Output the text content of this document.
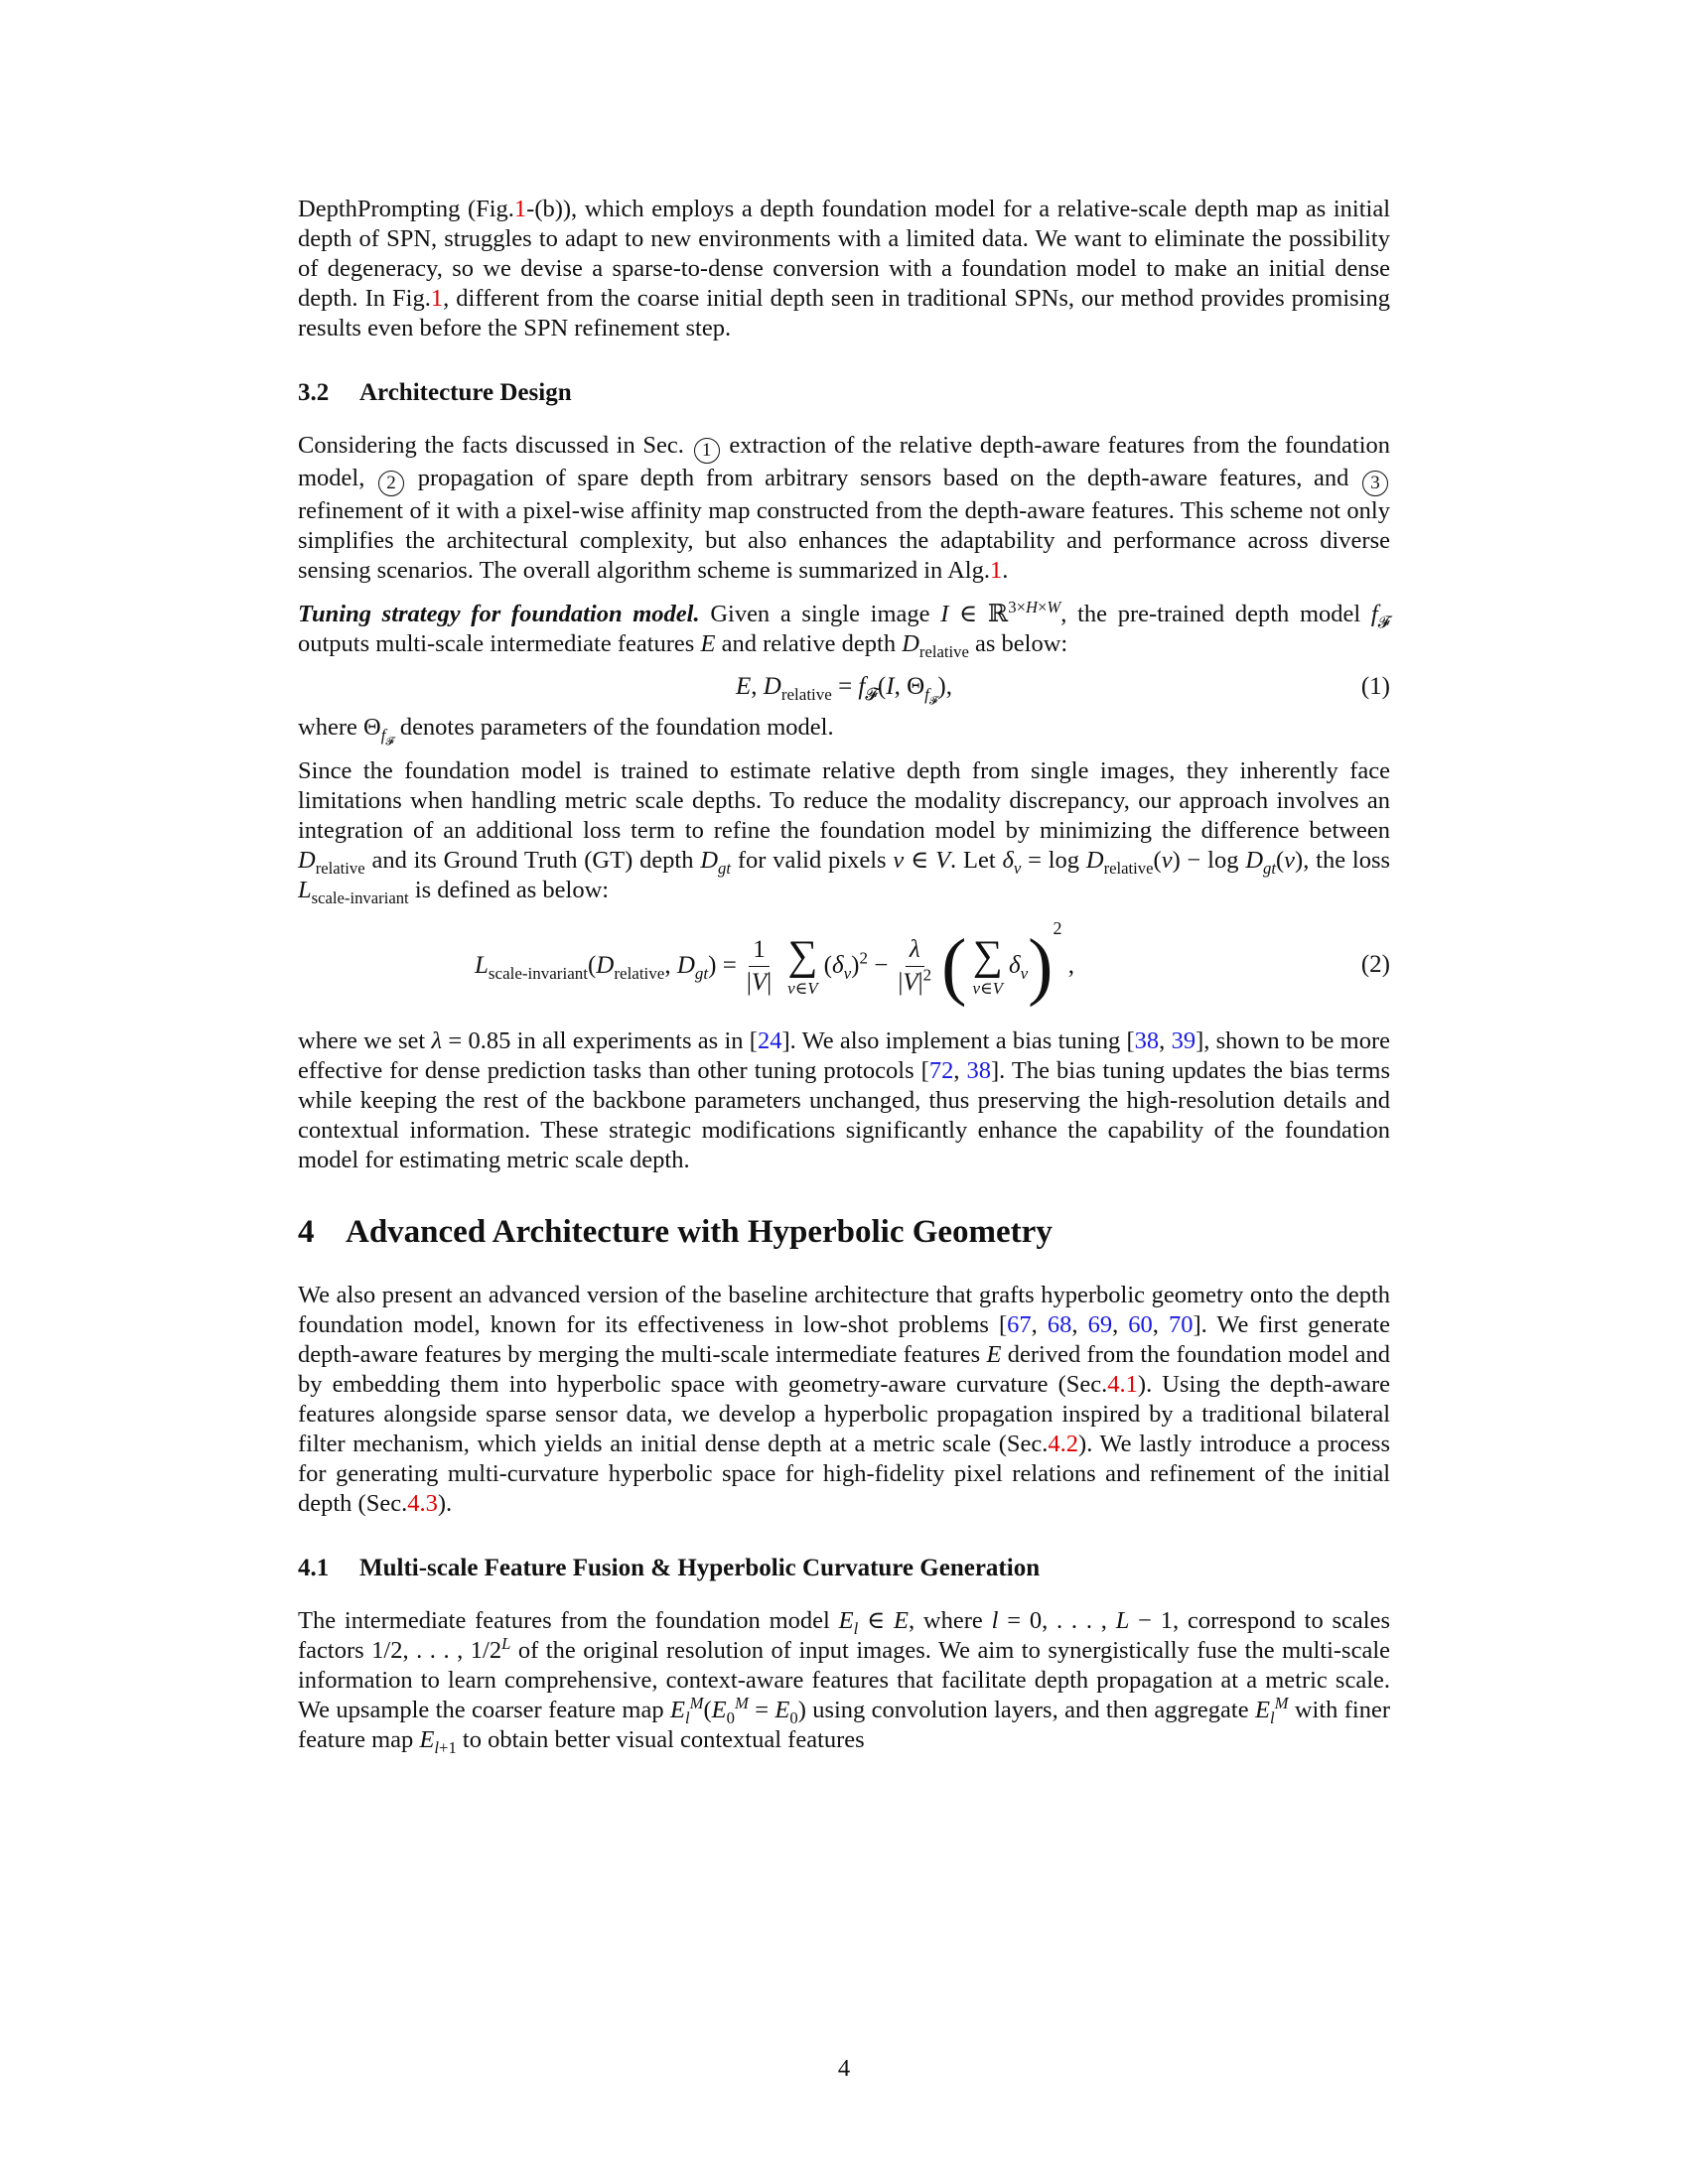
DepthPrompting (Fig.1-(b)), which employs a depth foundation model for a relative-scale depth map as initial depth of SPN, struggles to adapt to new environments with a limited data. We want to eliminate the possibility of degeneracy, so we devise a sparse-to-dense conversion with a foundation model to make an initial dense depth. In Fig.1, different from the coarse initial depth seen in traditional SPNs, our method provides promising results even before the SPN refinement step.

3.2 Architecture Design

Considering the facts discussed in Sec. 1 extraction of the relative depth-aware features from the foundation model, 2 propagation of spare depth from arbitrary sensors based on the depth-aware features, and 3 refinement of it with a pixel-wise affinity map constructed from the depth-aware features. This scheme not only simplifies the architectural complexity, but also enhances the adaptability and performance across diverse sensing scenarios. The overall algorithm scheme is summarized in Alg.1.

Tuning strategy for foundation model. Given a single image I ∈ ℝ$^{3\times H\times W}$, the pre-trained depth model $f_𝓕$ outputs multi-scale intermediate features E and relative depth $D_{relative}$ as below:

E, $D_{relative} = f_𝓕(I$, $\Theta_{f_𝓕}$),	(1)

where $\Theta_{f_𝓕}$ denotes parameters of the foundation model.

Since the foundation model is trained to estimate relative depth from single images, they inherently face limitations when handling metric scale depths. To reduce the modality discrepancy, our approach involves an integration of an additional loss term to refine the foundation model by minimizing the difference between $D_{relative}$ and its Ground Truth (GT) depth $D_{gt}$ for valid pixels v ∈ V. Let $\delta_v = \log D_{relative}(v) - \log D_{gt}(v)$, the loss $L_{scale-invariant}$ is defined as below:

$L_{scale-invariant}(D_{relative}$, $D_{gt}) = \frac{1}{|V|}$ ∑
v∈V
$(\delta_v)^2 - \frac{\lambda}{|V|^2}$ ( ∑
v∈V
$\delta_v$ ) 2
,	(2)

where we set λ = 0.85 in all experiments as in [24]. We also implement a bias tuning [38, 39], shown to be more effective for dense prediction tasks than other tuning protocols [72, 38]. The bias tuning updates the bias terms while keeping the rest of the backbone parameters unchanged, thus preserving the high-resolution details and contextual information. These strategic modifications significantly enhance the capability of the foundation model for estimating metric scale depth.

4 Advanced Architecture with Hyperbolic Geometry

We also present an advanced version of the baseline architecture that grafts hyperbolic geometry onto the depth foundation model, known for its effectiveness in low-shot problems [67, 68, 69, 60, 70]. We first generate depth-aware features by merging the multi-scale intermediate features E derived from the foundation model and by embedding them into hyperbolic space with geometry-aware curvature (Sec.4.1). Using the depth-aware features alongside sparse sensor data, we develop a hyperbolic propagation inspired by a traditional bilateral filter mechanism, which yields an initial dense depth at a metric scale (Sec.4.2). We lastly introduce a process for generating multi-curvature hyperbolic space for high-fidelity pixel relations and refinement of the initial depth (Sec.4.3).

4.1 Multi-scale Feature Fusion & Hyperbolic Curvature Generation

The intermediate features from the foundation model $E_l$ ∈ E, where l = 0, . . . , L − 1, correspond to scales factors 1/2, . . . , $1/2^L$ of the original resolution of input images. We aim to synergistically fuse the multi-scale information to learn comprehensive, context-aware features that facilitate depth propagation at a metric scale. We upsample the coarser feature map $E_l^M(E_0^M = E_0)$ using convolution layers, and then aggregate $E_l^M$ with finer feature map $E_{l+1}$ to obtain better visual contextual features

4
